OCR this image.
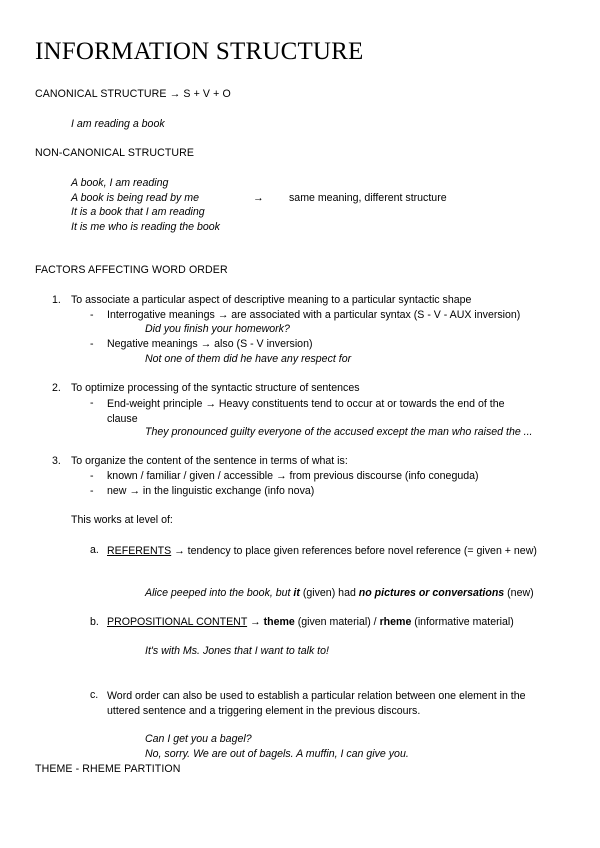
INFORMATION STRUCTURE
CANONICAL STRUCTURE → S + V + O
I am reading a book
NON-CANONICAL STRUCTURE
A book, I am reading
A book is being read by me	→ same meaning, different structure
It is a book that I am reading
It is me who is reading the book
FACTORS AFFECTING WORD ORDER
1. To associate a particular aspect of descriptive meaning to a particular syntactic shape
- Interrogative meanings → are associated with a particular syntax (S - V - AUX inversion)
Did you finish your homework?
- Negative meanings → also (S - V inversion)
Not one of them did he have any respect for
2. To optimize processing of the syntactic structure of sentences
- End-weight principle → Heavy constituents tend to occur at or towards the end of the clause
They pronounced guilty everyone of the accused except the man who raised the ...
3. To organize the content of the sentence in terms of what is:
- known / familiar / given / accessible → from previous discourse (info coneguda)
- new → in the linguistic exchange (info nova)
This works at level of:
a. REFERENTS → tendency to place given references before novel reference (= given + new)
Alice peeped into the book, but it (given) had no pictures or conversations (new)
b. PROPOSITIONAL CONTENT → theme (given material) / rheme (informative material)
It's with Ms. Jones that I want to talk to!
c. Word order can also be used to establish a particular relation between one element in the uttered sentence and a triggering element in the previous discours.
Can I get you a bagel?
No, sorry. We are out of bagels. A muffin, I can give you.
THEME - RHEME PARTITION
